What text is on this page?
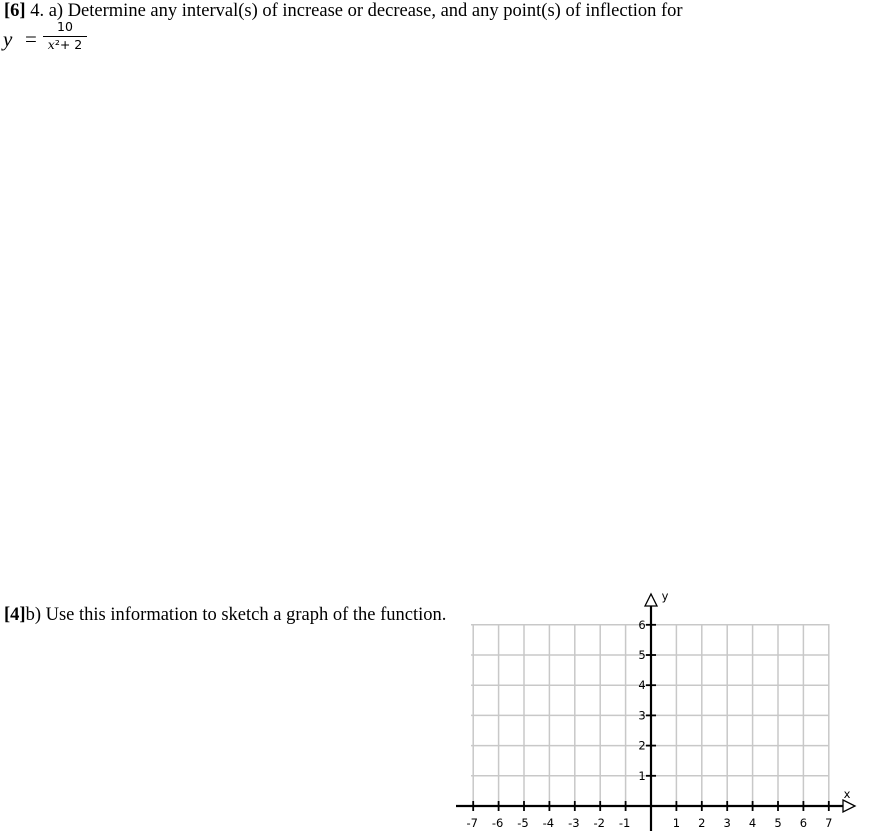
[6] 4. a) Determine any interval(s) of increase or decrease, and any point(s) of inflection for
y =
10
x²+ 2
[4]b) Use this information to sketch a graph of the function.
-7 -6 -5 -4 -3 -2 -1	1 2 3 4 5 6 7
1
2
3
4
5
6
x
y
